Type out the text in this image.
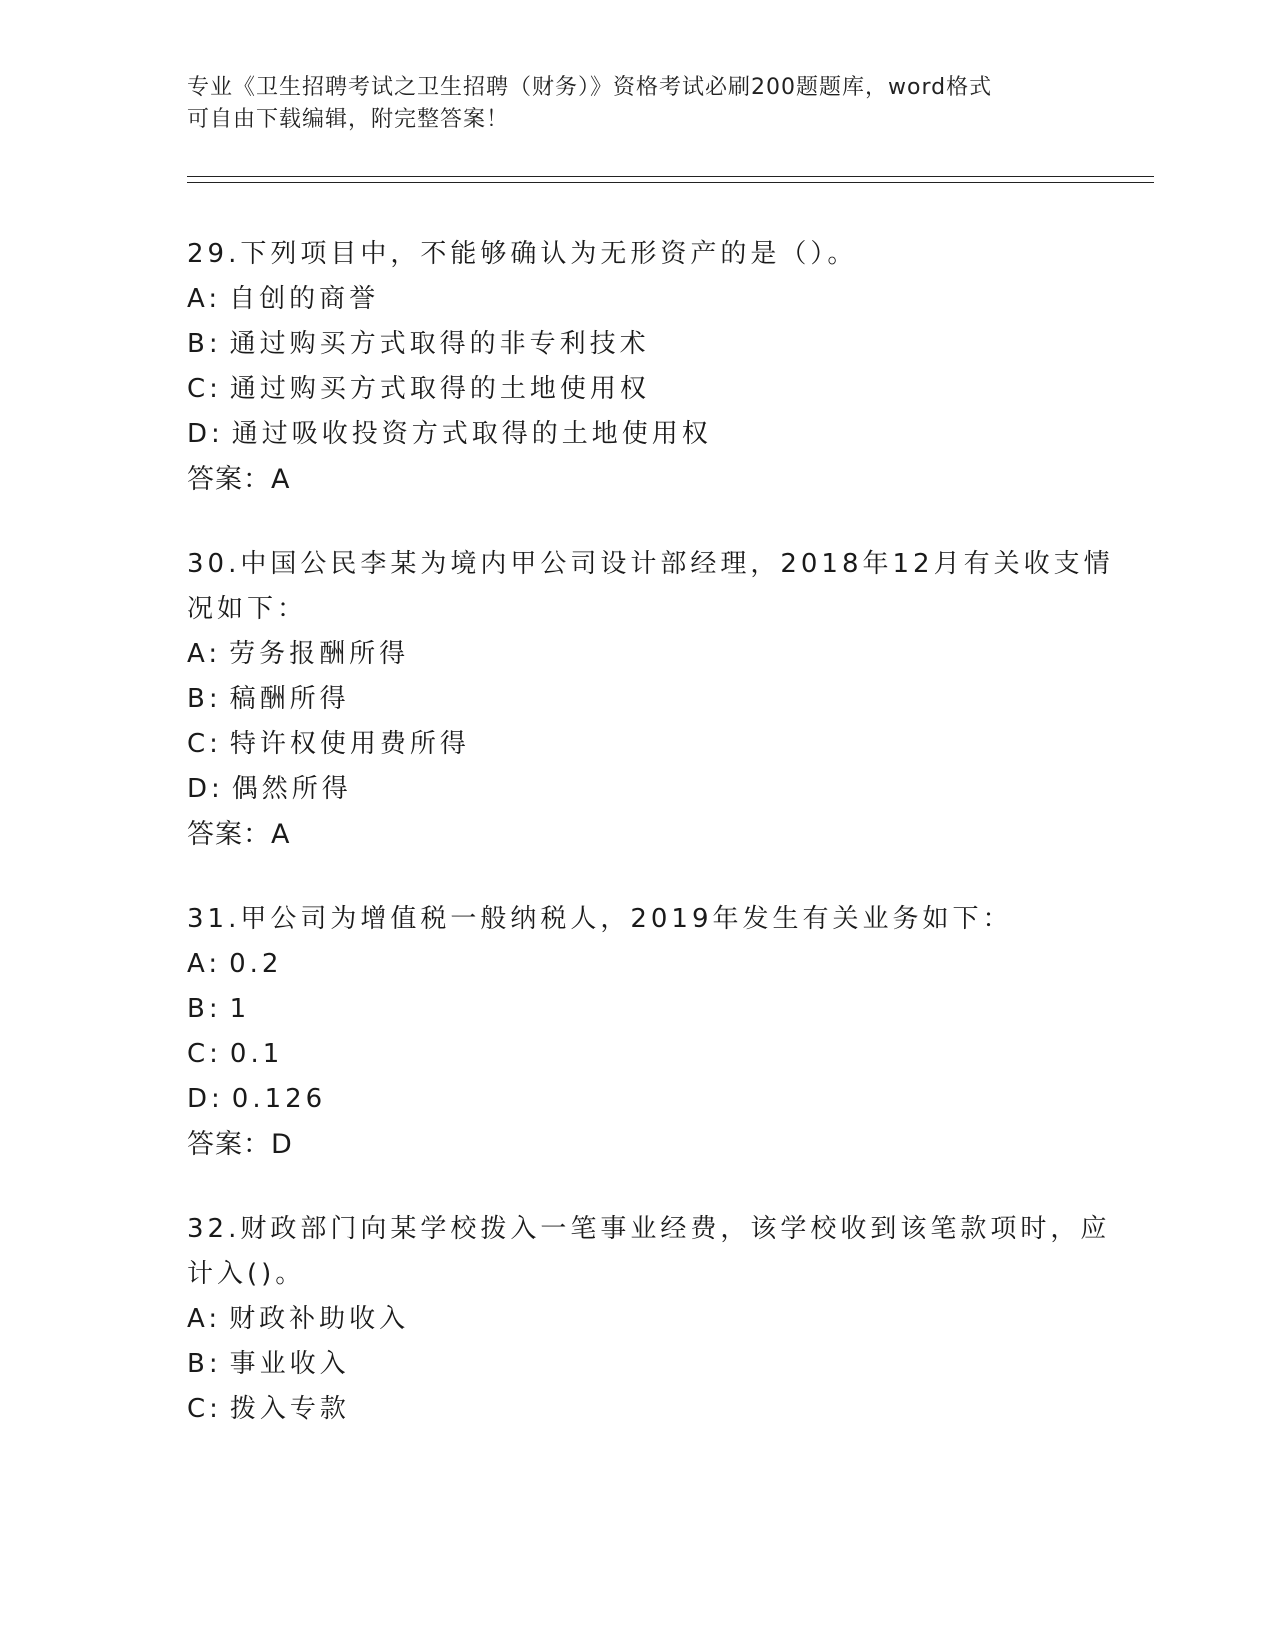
专业《卫生招聘考试之卫生招聘（财务）》资格考试必刷200题题库，word格式
可自由下载编辑，附完整答案！
29.下列项目中，不能够确认为无形资产的是（）。
A: 自创的商誉
B: 通过购买方式取得的非专利技术
C: 通过购买方式取得的土地使用权
D: 通过吸收投资方式取得的土地使用权
答案：A
30.中国公民李某为境内甲公司设计部经理，2018年12月有关收支情
况如下：
A: 劳务报酬所得
B: 稿酬所得
C: 特许权使用费所得
D: 偶然所得
答案：A
31.甲公司为增值税一般纳税人，2019年发生有关业务如下：
A: 0.2
B: 1
C: 0.1
D: 0.126
答案：D
32.财政部门向某学校拨入一笔事业经费，该学校收到该笔款项时，应
计入()。
A: 财政补助收入
B: 事业收入
C: 拨入专款
